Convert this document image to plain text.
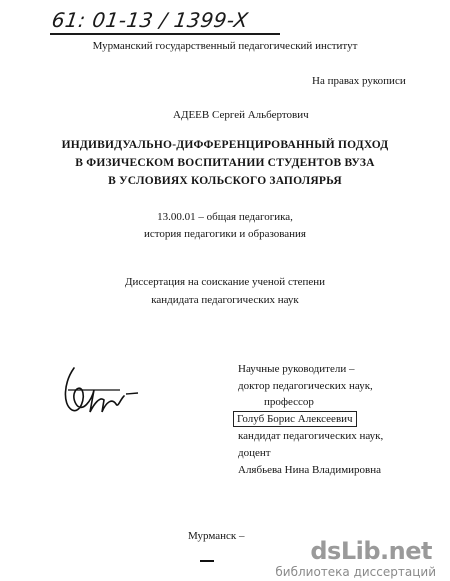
61: 01-13 / 1399-X
Мурманский государственный педагогический институт
На правах рукописи
АДЕЕВ Сергей Альбертович
ИНДИВИДУАЛЬНО-ДИФФЕРЕНЦИРОВАННЫЙ ПОДХОД
В ФИЗИЧЕСКОМ ВОСПИТАНИИ СТУДЕНТОВ ВУЗА
В УСЛОВИЯХ КОЛЬСКОГО ЗАПОЛЯРЬЯ
13.00.01 – общая педагогика,
история педагогики и образования
Диссертация на соискание ученой степени
кандидата педагогических наук
Научные руководители –
доктор педагогических наук,
профессор
Голуб Борис Алексеевич
кандидат педагогических наук,
доцент
Алябьева Нина Владимировна
Мурманск –
dsLib.net
библиотека диссертаций
